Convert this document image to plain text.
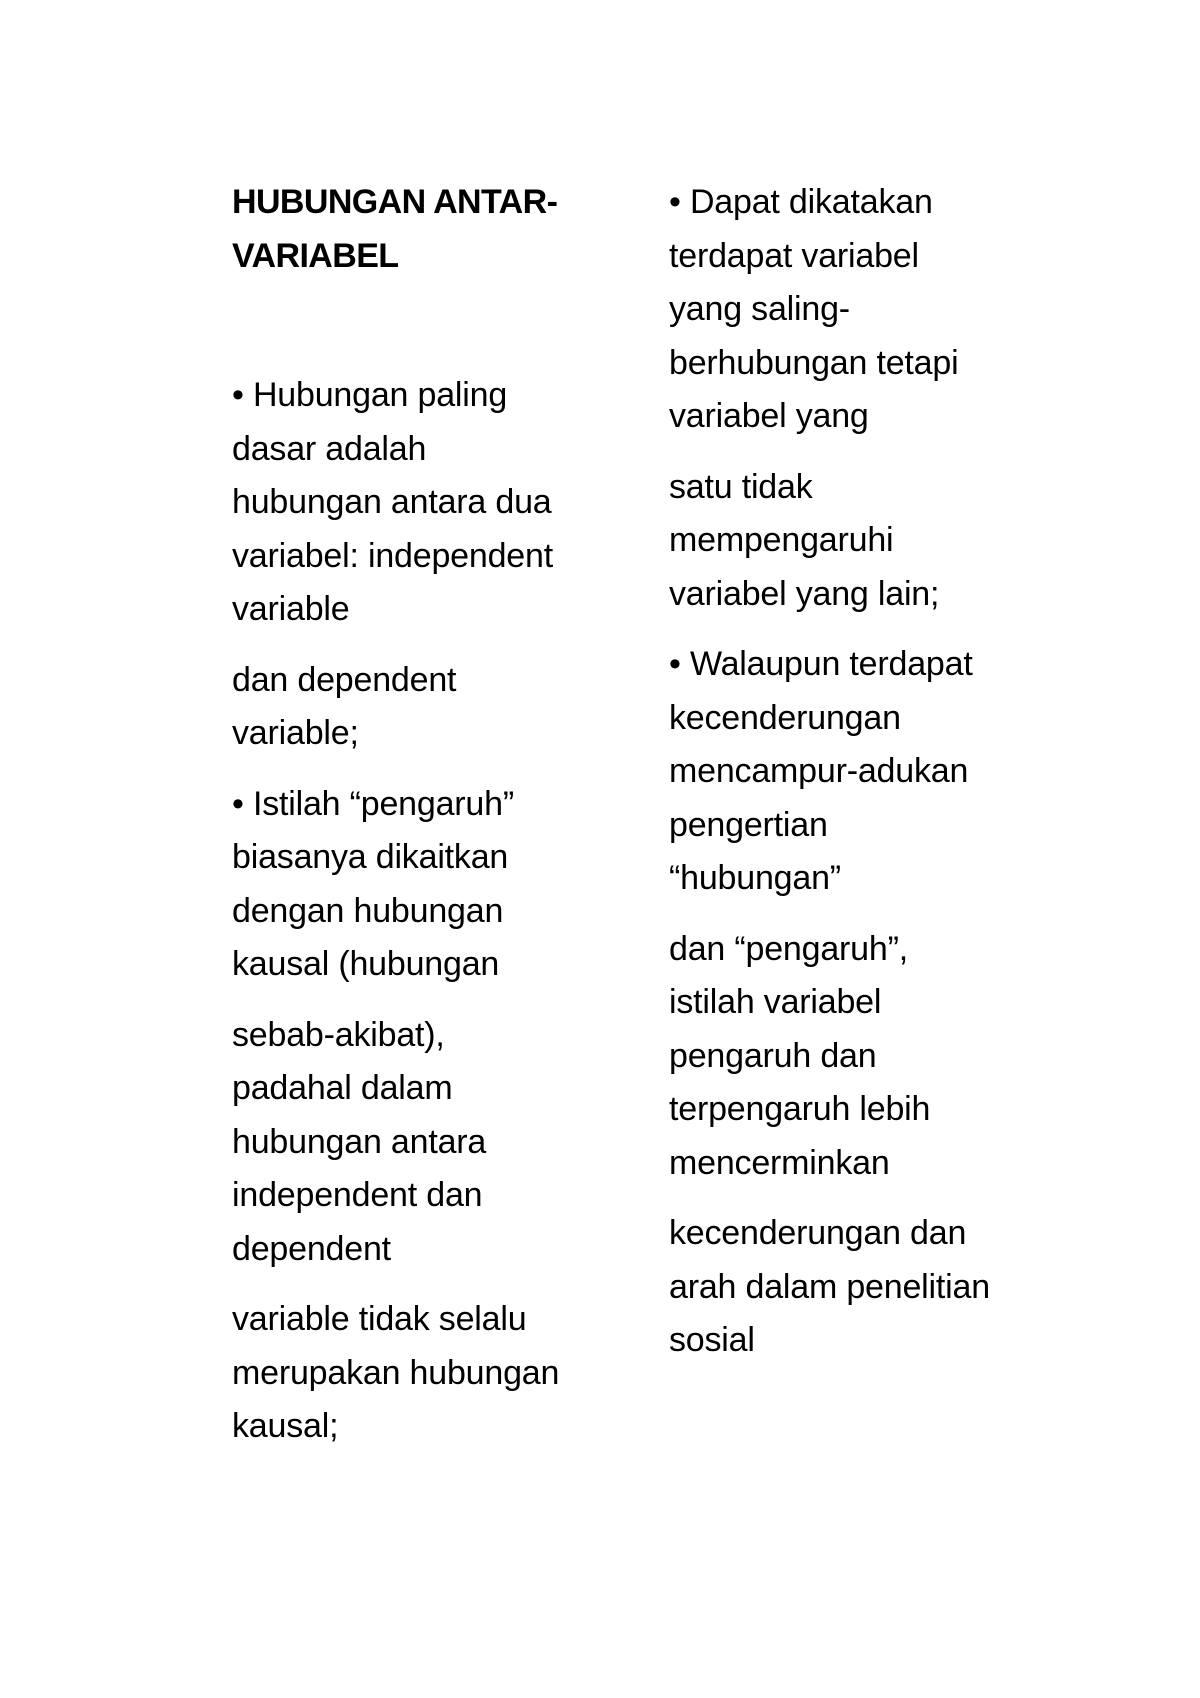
HUBUNGAN ANTAR-
VARIABEL
• Hubungan paling
dasar adalah
hubungan antara dua
variabel: independent
variable
dan dependent
variable;
• Istilah “pengaruh”
biasanya dikaitkan
dengan hubungan
kausal (hubungan
sebab-akibat),
padahal dalam
hubungan antara
independent dan
dependent
variable tidak selalu
merupakan hubungan
kausal;
• Dapat dikatakan
terdapat variabel
yang saling-
berhubungan tetapi
variabel yang
satu tidak
mempengaruhi
variabel yang lain;
• Walaupun terdapat
kecenderungan
mencampur-adukan
pengertian
“hubungan”
dan “pengaruh”,
istilah variabel
pengaruh dan
terpengaruh lebih
mencerminkan
kecenderungan dan
arah dalam penelitian
sosial
